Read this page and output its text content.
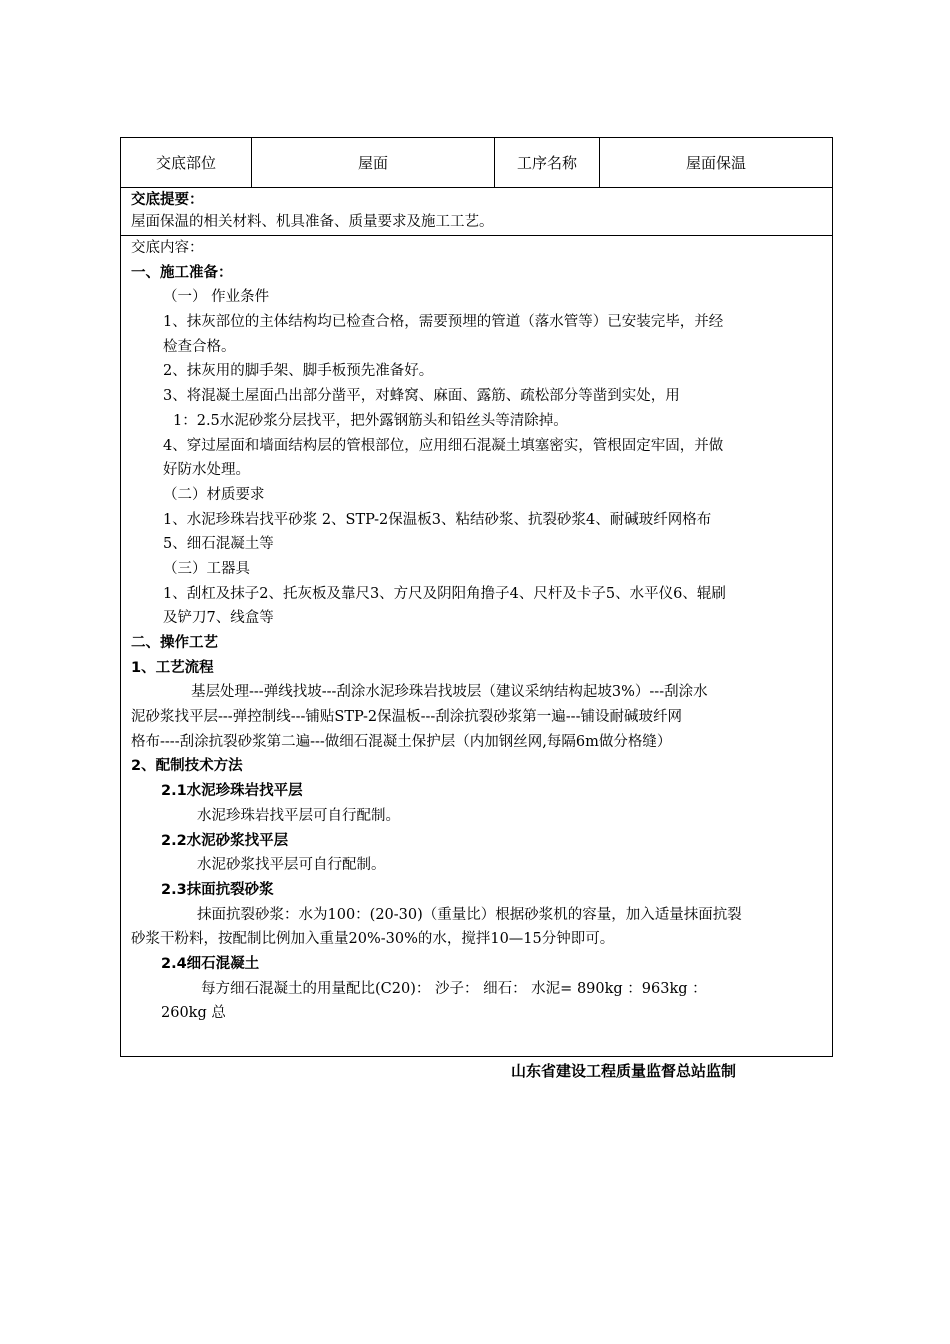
交底部位	屋面	工序名称	屋面保温
交底提要：
屋面保温的相关材料、机具准备、质量要求及施工工艺。
交底内容：
一、施工准备：
（一） 作业条件
1、抹灰部位的主体结构均已检查合格，需要预埋的管道（落水管等）已安装完毕，并经
检查合格。
2、抹灰用的脚手架、脚手板预先准备好。
3、将混凝土屋面凸出部分凿平，对蜂窝、麻面、露筋、疏松部分等凿到实处，用
1：2.5水泥砂浆分层找平，把外露钢筋头和铅丝头等清除掉。
4、穿过屋面和墙面结构层的管根部位，应用细石混凝土填塞密实，管根固定牢固，并做
好防水处理。
（二）材质要求
1、水泥珍珠岩找平砂浆 2、STP-2保温板3、粘结砂浆、抗裂砂浆4、耐碱玻纤网格布
5、细石混凝土等
（三）工器具
1、刮杠及抹子2、托灰板及靠尺3、方尺及阴阳角撸子4、尺杆及卡子5、水平仪6、辊刷
及铲刀7、线盒等
二、操作工艺
1、工艺流程
基层处理---弹线找坡---刮涂水泥珍珠岩找坡层（建议采纳结构起坡3%）---刮涂水
泥砂浆找平层---弹控制线---铺贴STP-2保温板---刮涂抗裂砂浆第一遍---铺设耐碱玻纤网
格布----刮涂抗裂砂浆第二遍---做细石混凝土保护层（内加钢丝网,每隔6m做分格缝）
2、配制技术方法
2.1水泥珍珠岩找平层
水泥珍珠岩找平层可自行配制。
2.2水泥砂浆找平层
水泥砂浆找平层可自行配制。
2.3抹面抗裂砂浆
抹面抗裂砂浆：水为100：(20-30)（重量比）根据砂浆机的容量，加入适量抹面抗裂
砂浆干粉料，按配制比例加入重量20%-30%的水，搅拌10—15分钟即可。
2.4细石混凝土
每方细石混凝土的用量配比(C20)： 沙子： 细石： 水泥= 890kg ：963kg ：
260kg 总
山东省建设工程质量监督总站监制
